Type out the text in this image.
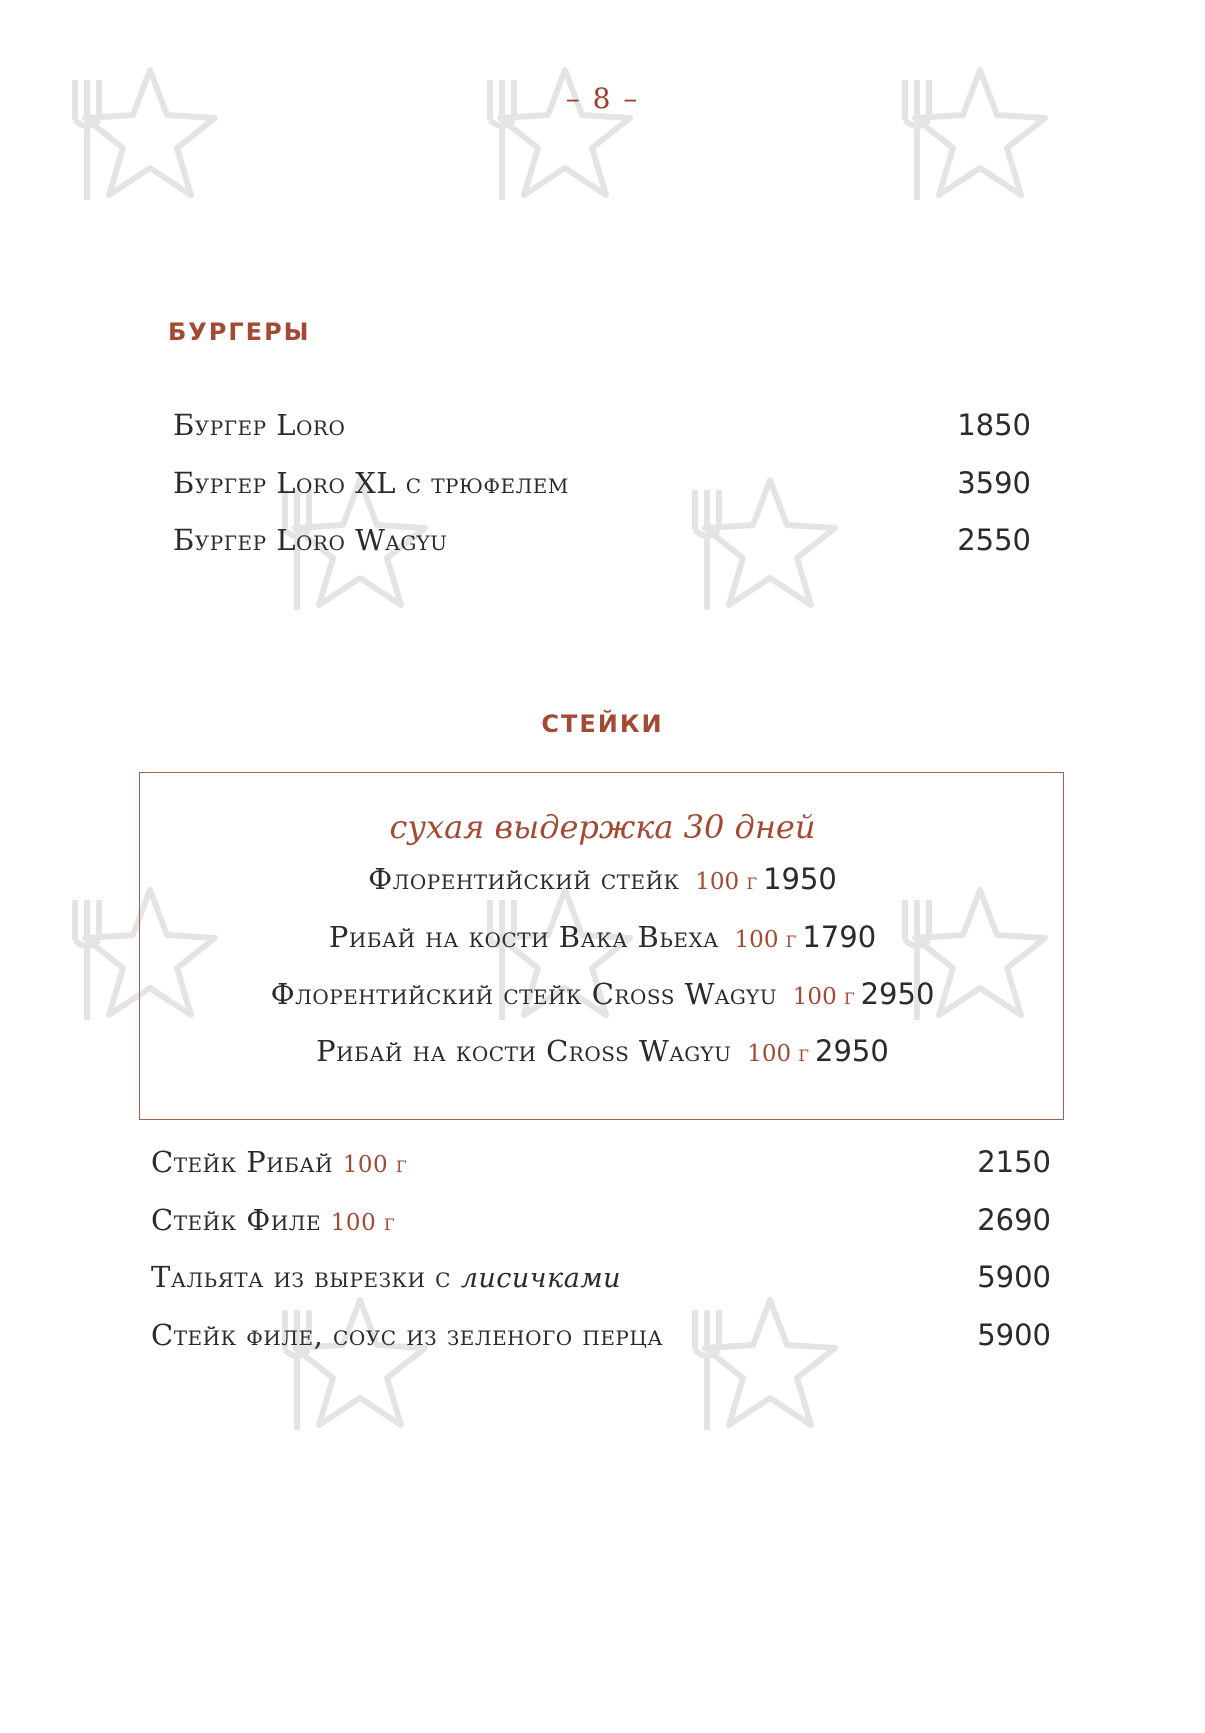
– 8 –
БУРГЕРЫ
Бургер Loro	1850
Бургер Loro XL с трюфелем	3590
Бургер Loro Wagyu	2550
СТЕЙКИ
сухая выдержка 30 дней
Флорентийский стейк 100 г 1950
Рибай на кости Вака Вьеха 100 г 1790
Флорентийский стейк Cross Wagyu 100 г 2950
Рибай на кости Cross Wagyu 100 г 2950
Стейк Рибай 100 г	2150
Стейк Филе 100 г	2690
Тальята из вырезки с лисичками	5900
Стейк филе, соус из зеленого перца	5900
